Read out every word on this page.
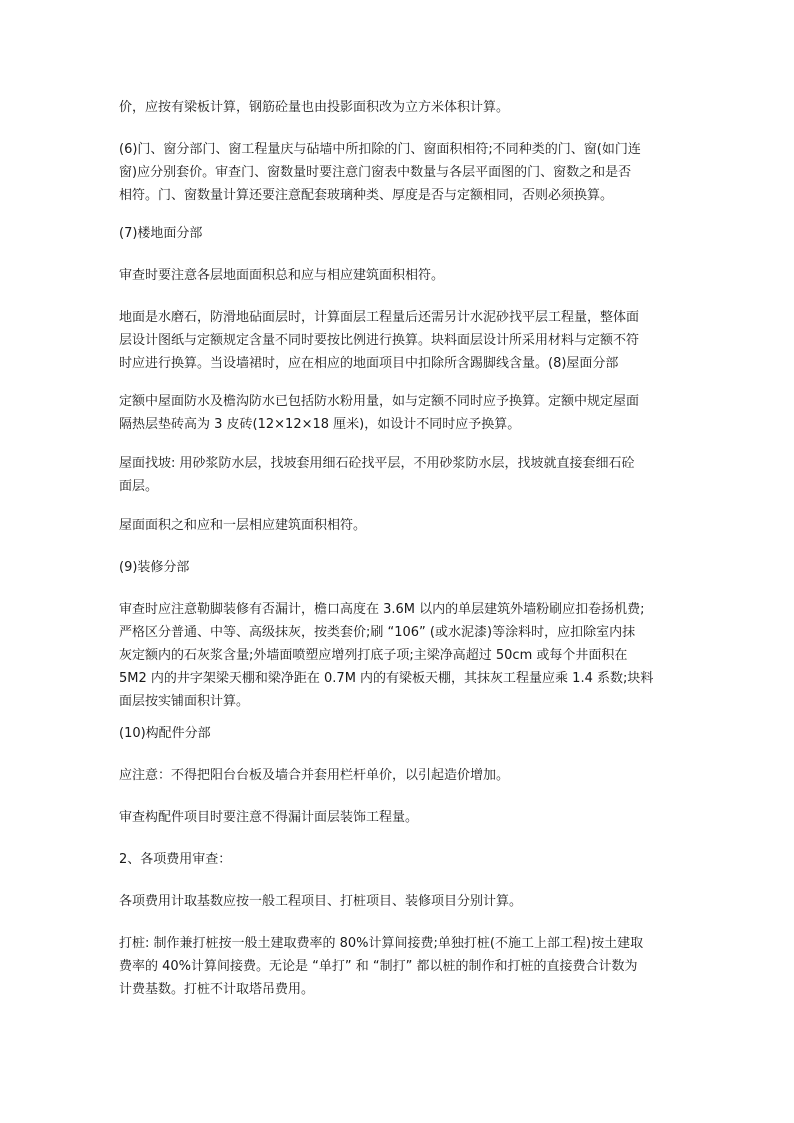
价，应按有梁板计算，钢筋砼量也由投影面积改为立方米体积计算。
(6)门、窗分部门、窗工程量庆与砧墙中所扣除的门、窗面积相符;不同种类的门、窗(如门连
窗)应分别套价。审查门、窗数量时要注意门窗表中数量与各层平面图的门、窗数之和是否
相符。门、窗数量计算还要注意配套玻璃种类、厚度是否与定额相同，否则必须换算。
(7)楼地面分部
审查时要注意各层地面面积总和应与相应建筑面积相符。
地面是水磨石，防滑地砧面层时，计算面层工程量后还需另计水泥砂找平层工程量，整体面
层设计图纸与定额规定含量不同时要按比例进行换算。块料面层设计所采用材料与定额不符
时应进行换算。当设墙裙时，应在相应的地面项目中扣除所含踢脚线含量。(8)屋面分部
定额中屋面防水及檐沟防水已包括防水粉用量，如与定额不同时应予换算。定额中规定屋面
隔热层垫砖高为 3 皮砖(12×12×18 厘米)，如设计不同时应予换算。
屋面找坡: 用砂浆防水层，找坡套用细石砼找平层，不用砂浆防水层，找坡就直接套细石砼
面层。
屋面面积之和应和一层相应建筑面积相符。
(9)装修分部
审查时应注意勒脚装修有否漏计，檐口高度在 3.6M 以内的单层建筑外墙粉刷应扣卷扬机费;
严格区分普通、中等、高级抹灰，按类套价;刷 “106” (或水泥漆)等涂料时，应扣除室内抹
灰定额内的石灰浆含量;外墙面喷塑应增列打底子项;主梁净高超过 50cm 或每个井面积在
5M2 内的井字架梁天棚和梁净距在 0.7M 内的有梁板天棚，其抹灰工程量应乘 1.4 系数;块料
面层按实铺面积计算。
(10)构配件分部
应注意：不得把阳台台板及墙合并套用栏杆单价，以引起造价增加。
审查构配件项目时要注意不得漏计面层装饰工程量。
2、各项费用审查：
各项费用计取基数应按一般工程项目、打桩项目、装修项目分别计算。
打桩: 制作兼打桩按一般土建取费率的 80%计算间接费;单独打桩(不施工上部工程)按土建取
费率的 40%计算间接费。无论是 “单打” 和 “制打” 都以桩的制作和打桩的直接费合计数为
计费基数。打桩不计取塔吊费用。
